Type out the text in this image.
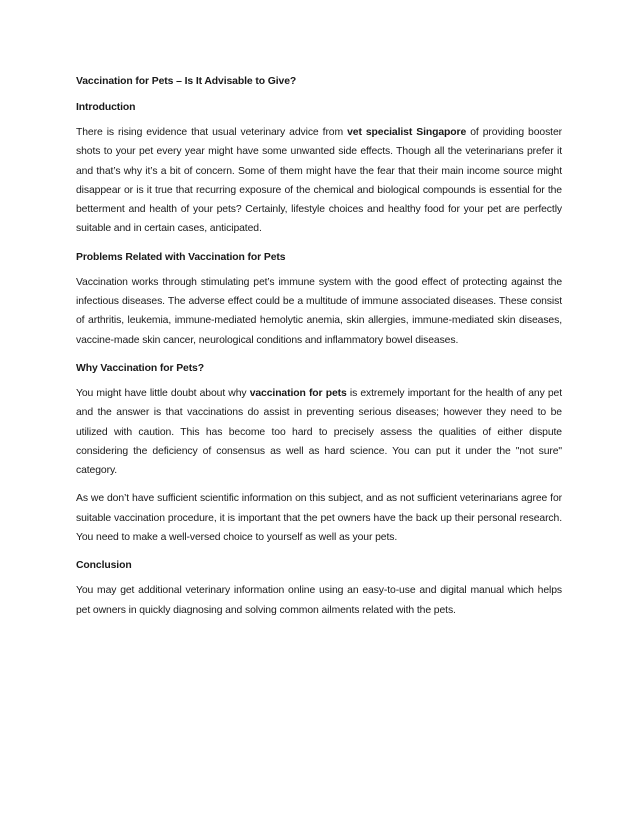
Vaccination for Pets – Is It Advisable to Give?

Introduction

There is rising evidence that usual veterinary advice from vet specialist Singapore of providing booster shots to your pet every year might have some unwanted side effects. Though all the veterinarians prefer it and that’s why it’s a bit of concern. Some of them might have the fear that their main income source might disappear or is it true that recurring exposure of the chemical and biological compounds is essential for the betterment and health of your pets? Certainly, lifestyle choices and healthy food for your pet are perfectly suitable and in certain cases, anticipated.

Problems Related with Vaccination for Pets

Vaccination works through stimulating pet’s immune system with the good effect of protecting against the infectious diseases. The adverse effect could be a multitude of immune associated diseases. These consist of arthritis, leukemia, immune-mediated hemolytic anemia, skin allergies, immune-mediated skin diseases, vaccine-made skin cancer, neurological conditions and inflammatory bowel diseases.

Why Vaccination for Pets?

You might have little doubt about why vaccination for pets is extremely important for the health of any pet and the answer is that vaccinations do assist in preventing serious diseases; however they need to be utilized with caution. This has become too hard to precisely assess the qualities of either dispute considering the deficiency of consensus as well as hard science. You can put it under the "not sure" category.

As we don’t have sufficient scientific information on this subject, and as not sufficient veterinarians agree for suitable vaccination procedure, it is important that the pet owners have the back up their personal research. You need to make a well-versed choice to yourself as well as your pets.

Conclusion

You may get additional veterinary information online using an easy-to-use and digital manual which helps pet owners in quickly diagnosing and solving common ailments related with the pets.
